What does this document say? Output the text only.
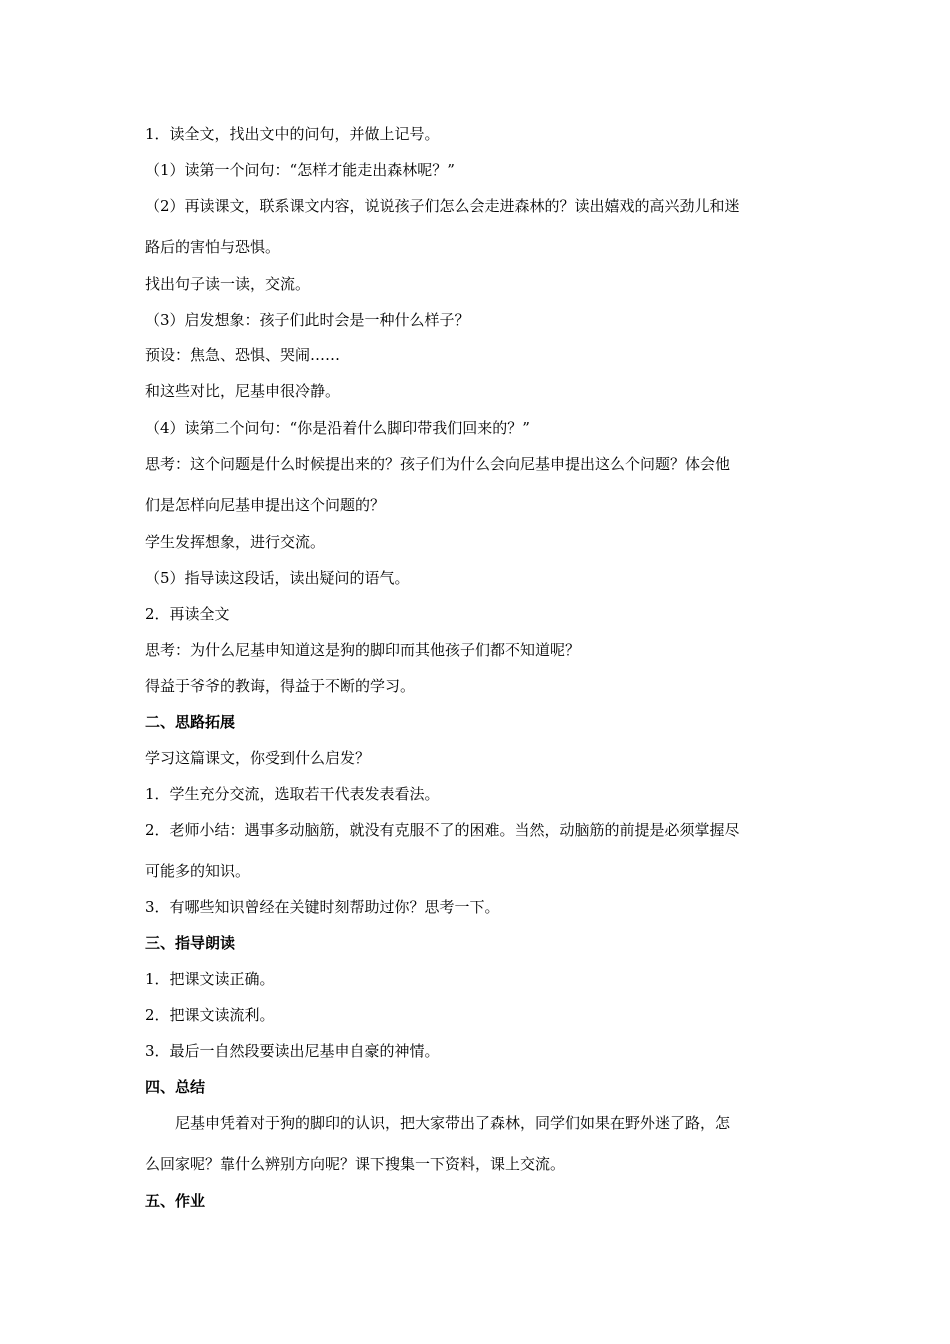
1．读全文，找出文中的问句，并做上记号。
（1）读第一个问句：“怎样才能走出森林呢？”
（2）再读课文，联系课文内容，说说孩子们怎么会走进森林的？读出嬉戏的高兴劲儿和迷
路后的害怕与恐惧。
找出句子读一读，交流。
（3）启发想象：孩子们此时会是一种什么样子？
预设：焦急、恐惧、哭闹……
和这些对比，尼基申很冷静。
（4）读第二个问句：“你是沿着什么脚印带我们回来的？”
思考：这个问题是什么时候提出来的？孩子们为什么会向尼基申提出这么个问题？体会他
们是怎样向尼基申提出这个问题的？
学生发挥想象，进行交流。
（5）指导读这段话，读出疑问的语气。
2．再读全文
思考：为什么尼基申知道这是狗的脚印而其他孩子们都不知道呢？
得益于爷爷的教诲，得益于不断的学习。
二、思路拓展
学习这篇课文，你受到什么启发？
1．学生充分交流，选取若干代表发表看法。
2．老师小结：遇事多动脑筋，就没有克服不了的困难。当然，动脑筋的前提是必须掌握尽
可能多的知识。
3．有哪些知识曾经在关键时刻帮助过你？思考一下。
三、指导朗读
1．把课文读正确。
2．把课文读流利。
3．最后一自然段要读出尼基申自豪的神情。
四、总结
尼基申凭着对于狗的脚印的认识，把大家带出了森林，同学们如果在野外迷了路，怎
么回家呢？靠什么辨别方向呢？课下搜集一下资料，课上交流。
五、作业
